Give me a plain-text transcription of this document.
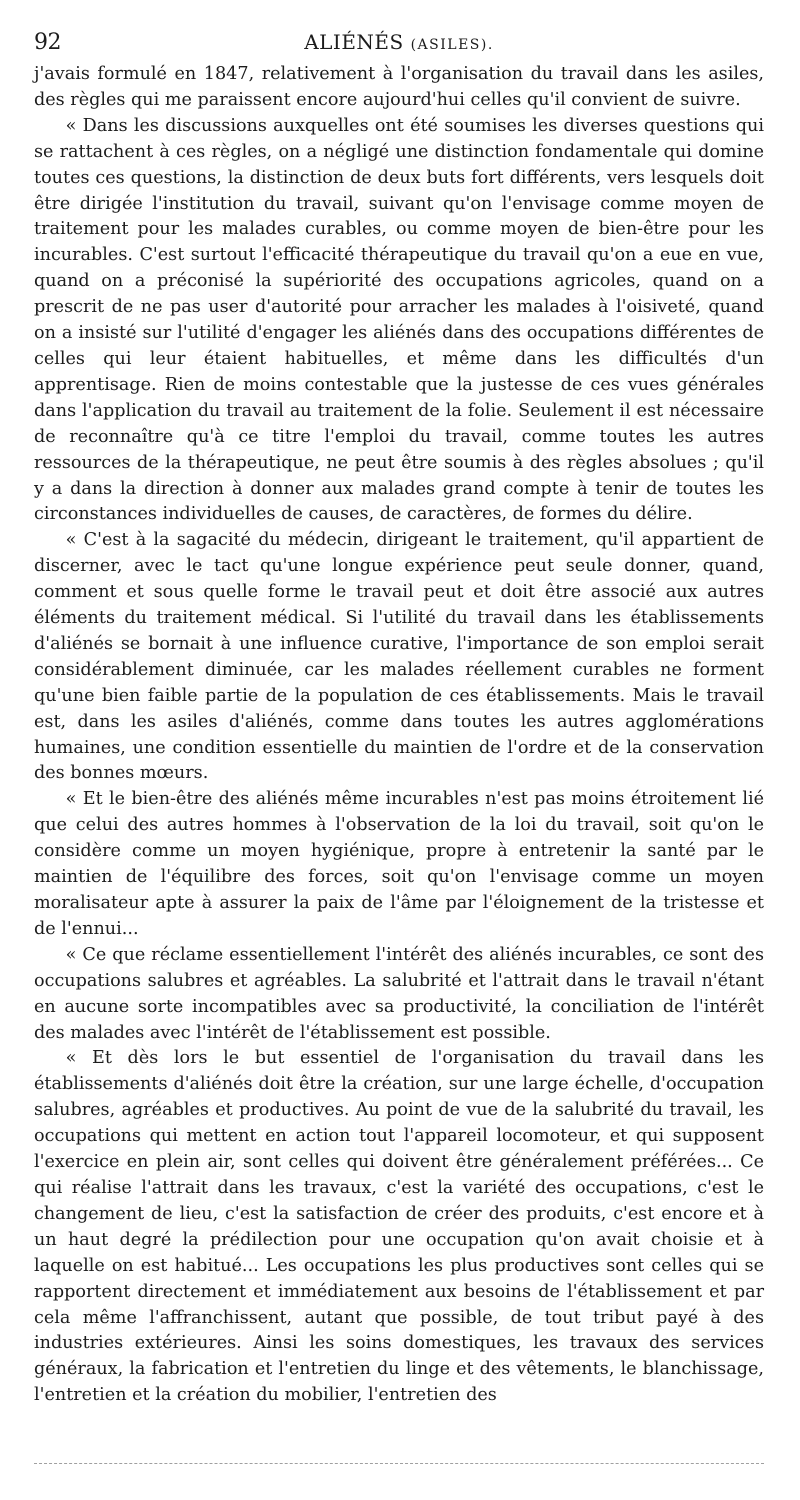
92	ALIÉNÉS (ASILES).

j'avais formulé en 1847, relativement à l'organisation du travail dans les asiles, des règles qui me paraissent encore aujourd'hui celles qu'il convient de suivre.

« Dans les discussions auxquelles ont été soumises les diverses questions qui se rattachent à ces règles, on a négligé une distinction fondamentale qui domine toutes ces questions, la distinction de deux buts fort différents, vers lesquels doit être dirigée l'institution du travail, suivant qu'on l'envisage comme moyen de traitement pour les malades curables, ou comme moyen de bien-être pour les incurables. C'est surtout l'efficacité thérapeutique du travail qu'on a eue en vue, quand on a préconisé la supériorité des occupations agricoles, quand on a prescrit de ne pas user d'autorité pour arracher les malades à l'oisiveté, quand on a insisté sur l'utilité d'engager les aliénés dans des occupations différentes de celles qui leur étaient habituelles, et même dans les difficultés d'un apprentisage. Rien de moins contestable que la justesse de ces vues générales dans l'application du travail au traitement de la folie. Seulement il est nécessaire de reconnaître qu'à ce titre l'emploi du travail, comme toutes les autres ressources de la thérapeutique, ne peut être soumis à des règles absolues ; qu'il y a dans la direction à donner aux malades grand compte à tenir de toutes les circonstances individuelles de causes, de caractères, de formes du délire.

« C'est à la sagacité du médecin, dirigeant le traitement, qu'il appartient de discerner, avec le tact qu'une longue expérience peut seule donner, quand, comment et sous quelle forme le travail peut et doit être associé aux autres éléments du traitement médical. Si l'utilité du travail dans les établissements d'aliénés se bornait à une influence curative, l'importance de son emploi serait considérablement diminuée, car les malades réellement curables ne forment qu'une bien faible partie de la population de ces établissements. Mais le travail est, dans les asiles d'aliénés, comme dans toutes les autres agglomérations humaines, une condition essentielle du maintien de l'ordre et de la conservation des bonnes mœurs.

« Et le bien-être des aliénés même incurables n'est pas moins étroitement lié que celui des autres hommes à l'observation de la loi du travail, soit qu'on le considère comme un moyen hygiénique, propre à entretenir la santé par le maintien de l'équilibre des forces, soit qu'on l'envisage comme un moyen moralisateur apte à assurer la paix de l'âme par l'éloignement de la tristesse et de l'ennui...

« Ce que réclame essentiellement l'intérêt des aliénés incurables, ce sont des occupations salubres et agréables. La salubrité et l'attrait dans le travail n'étant en aucune sorte incompatibles avec sa productivité, la conciliation de l'intérêt des malades avec l'intérêt de l'établissement est possible.

« Et dès lors le but essentiel de l'organisation du travail dans les établissements d'aliénés doit être la création, sur une large échelle, d'occupation salubres, agréables et productives. Au point de vue de la salubrité du travail, les occupations qui mettent en action tout l'appareil locomoteur, et qui supposent l'exercice en plein air, sont celles qui doivent être généralement préférées... Ce qui réalise l'attrait dans les travaux, c'est la variété des occupations, c'est le changement de lieu, c'est la satisfaction de créer des produits, c'est encore et à un haut degré la prédilection pour une occupation qu'on avait choisie et à laquelle on est habitué... Les occupations les plus productives sont celles qui se rapportent directement et immédiatement aux besoins de l'établissement et par cela même l'affranchissent, autant que possible, de tout tribut payé à des industries extérieures. Ainsi les soins domestiques, les travaux des services généraux, la fabrication et l'entretien du linge et des vêtements, le blanchissage, l'entretien et la création du mobilier, l'entretien des
